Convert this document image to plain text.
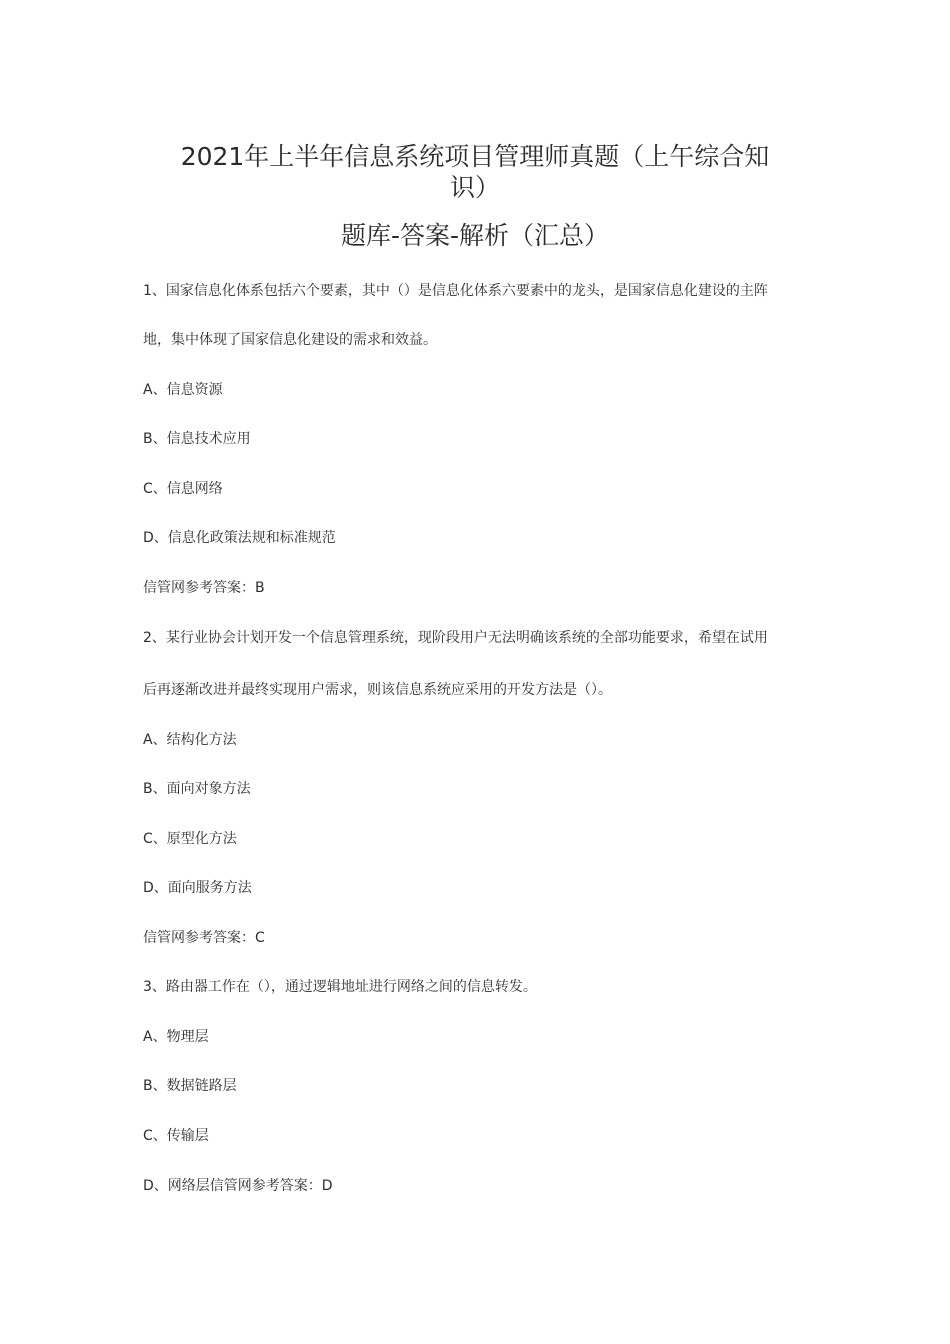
2021年上半年信息系统项目管理师真题（上午综合知
识）
题库-答案-解析（汇总）
1、国家信息化体系包括六个要素，其中（）是信息化体系六要素中的龙头，是国家信息化建设的主阵
地，集中体现了国家信息化建设的需求和效益。
A、信息资源
B、信息技术应用
C、信息网络
D、信息化政策法规和标准规范
信管网参考答案：B
2、某行业协会计划开发一个信息管理系统，现阶段用户无法明确该系统的全部功能要求，希望在试用
后再逐渐改进并最终实现用户需求，则该信息系统应采用的开发方法是（）。
A、结构化方法
B、面向对象方法
C、原型化方法
D、面向服务方法
信管网参考答案：C
3、路由器工作在（），通过逻辑地址进行网络之间的信息转发。
A、物理层
B、数据链路层
C、传输层
D、网络层信管网参考答案：D
